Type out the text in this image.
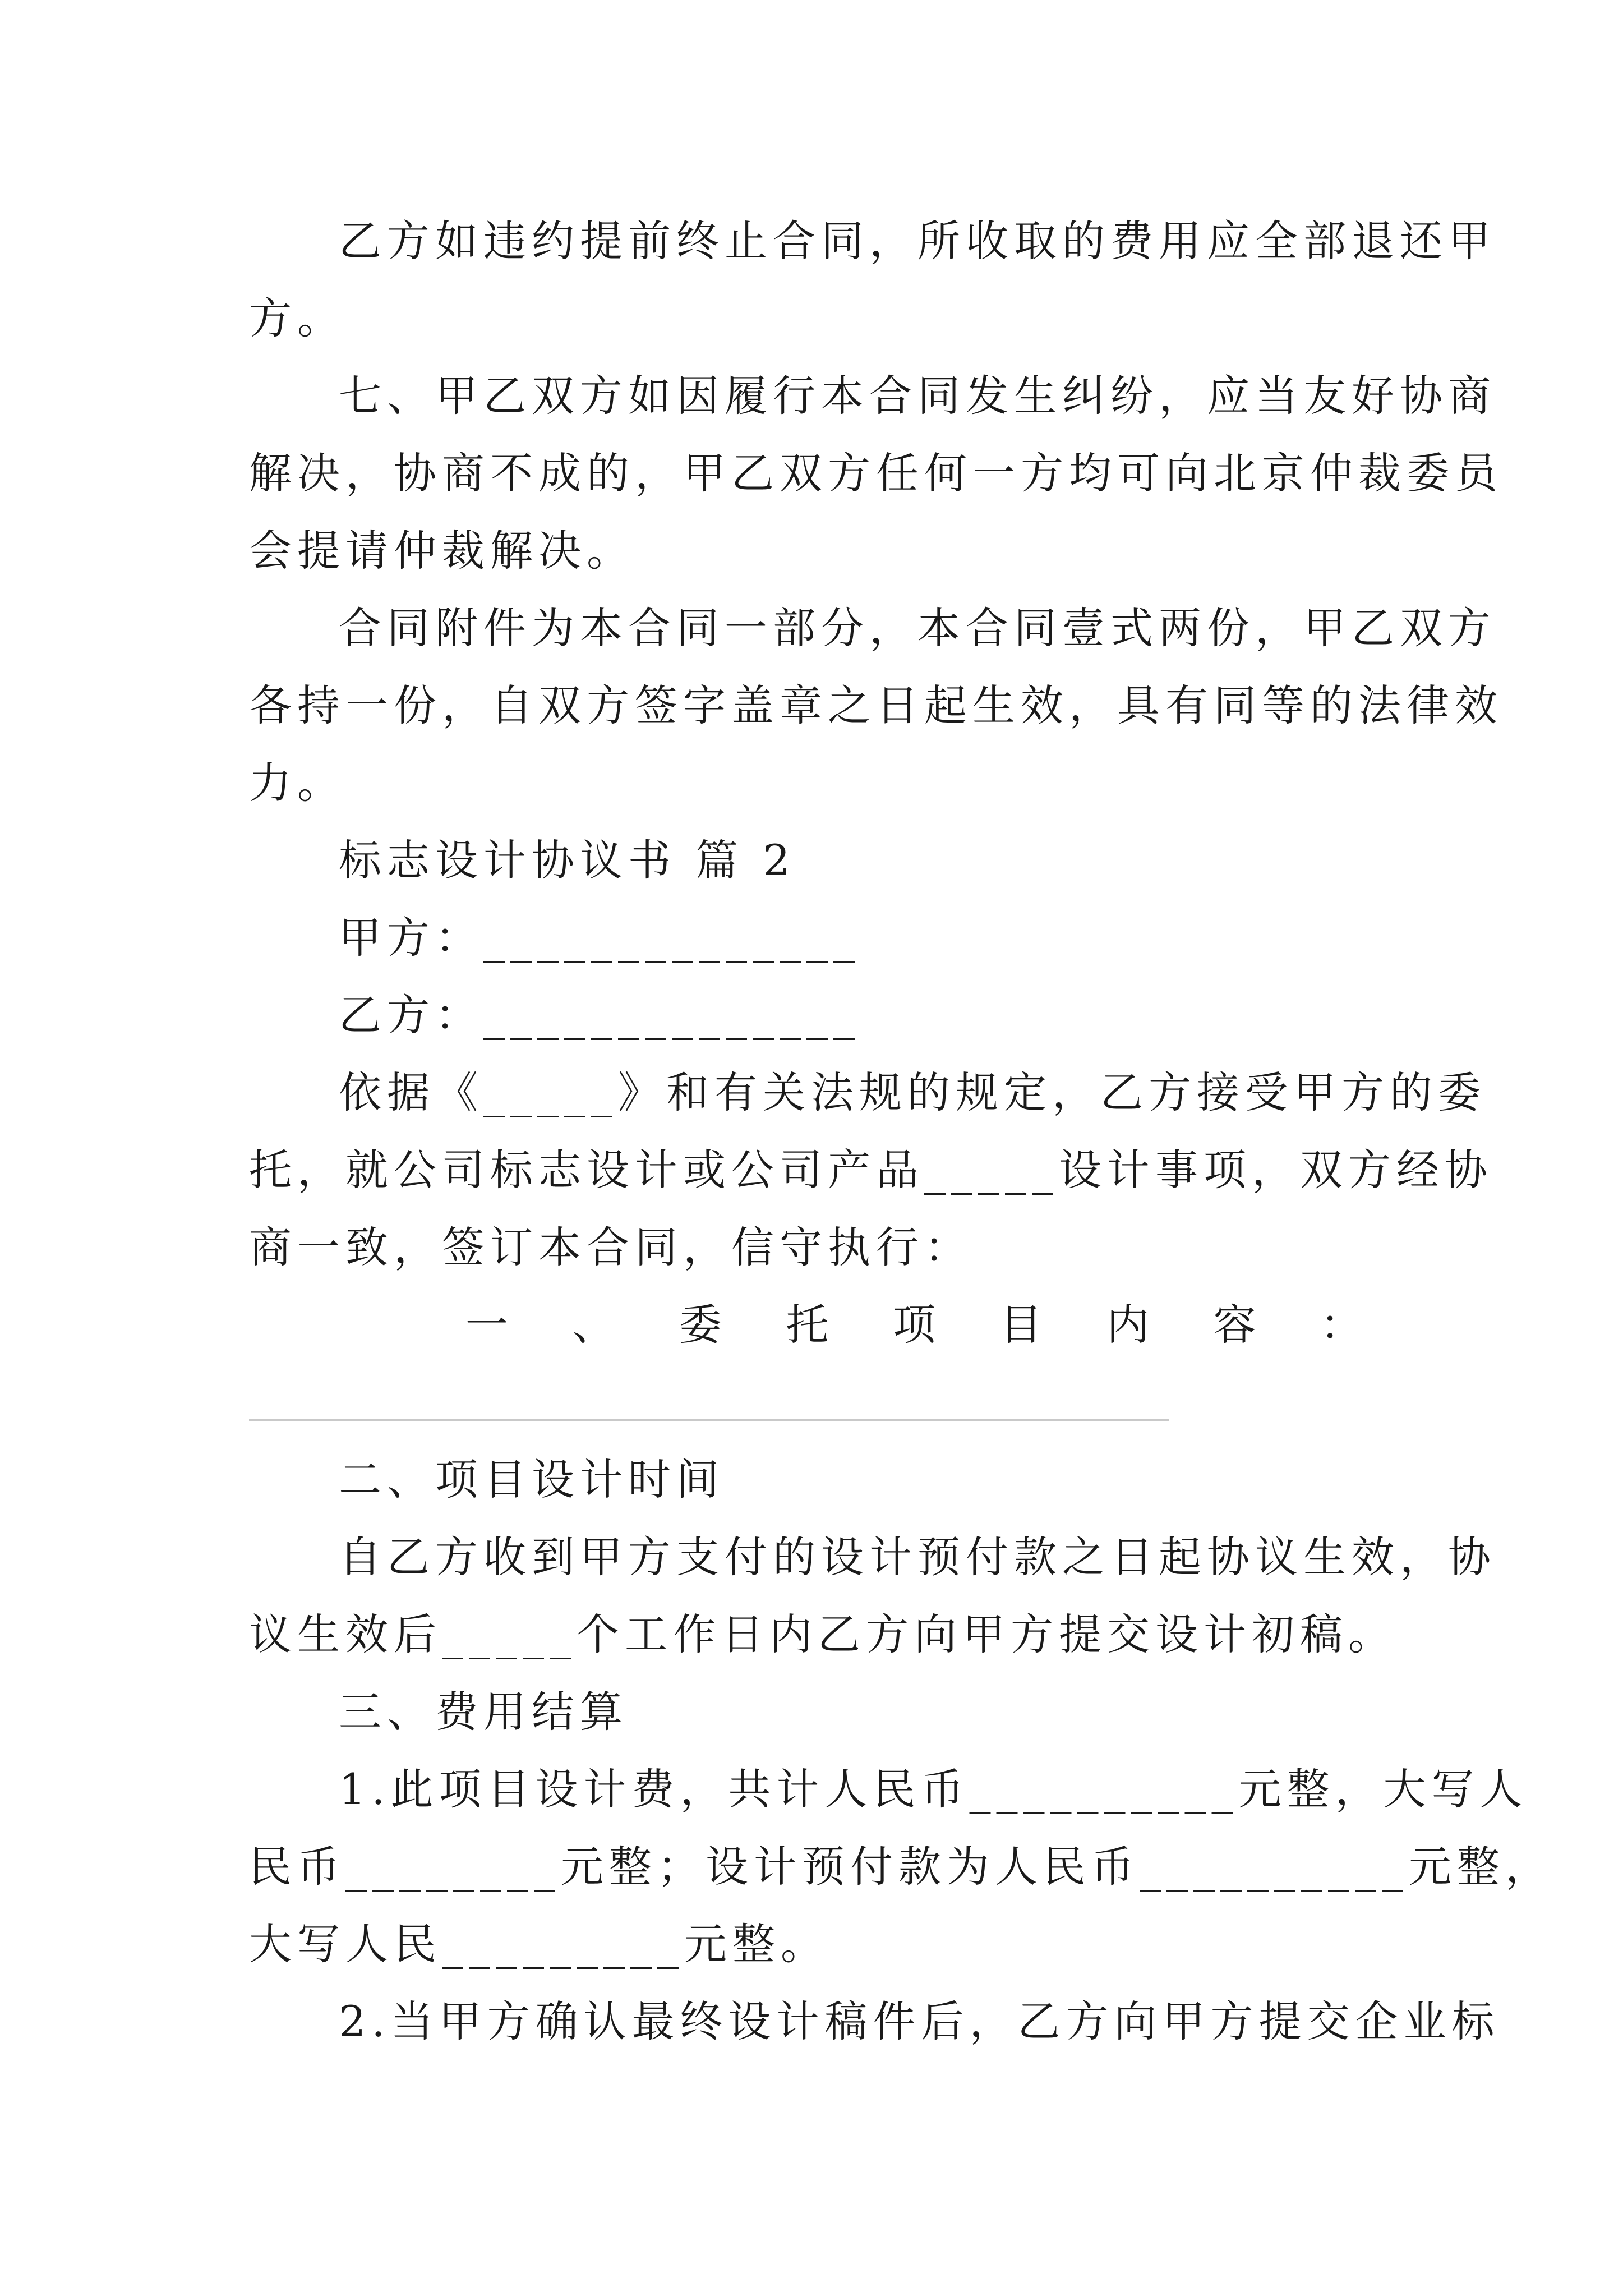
乙方如违约提前终止合同，所收取的费用应全部退还甲
方。
七、甲乙双方如因履行本合同发生纠纷，应当友好协商
解决，协商不成的，甲乙双方任何一方均可向北京仲裁委员
会提请仲裁解决。
合同附件为本合同一部分，本合同壹式两份，甲乙双方
各持一份，自双方签字盖章之日起生效，具有同等的法律效
力。
标志设计协议书 篇 2
甲方：______________
乙方：______________
依据《_____》和有关法规的规定，乙方接受甲方的委
托，就公司标志设计或公司产品_____设计事项，双方经协
商一致，签订本合同，信守执行：
一 、 委 托 项 目 内 容 ：
二、项目设计时间
自乙方收到甲方支付的设计预付款之日起协议生效，协
议生效后_____个工作日内乙方向甲方提交设计初稿。
三、费用结算
1.此项目设计费，共计人民币__________元整，大写人
民币________元整；设计预付款为人民币__________元整，
大写人民_________元整。
2.当甲方确认最终设计稿件后，乙方向甲方提交企业标
